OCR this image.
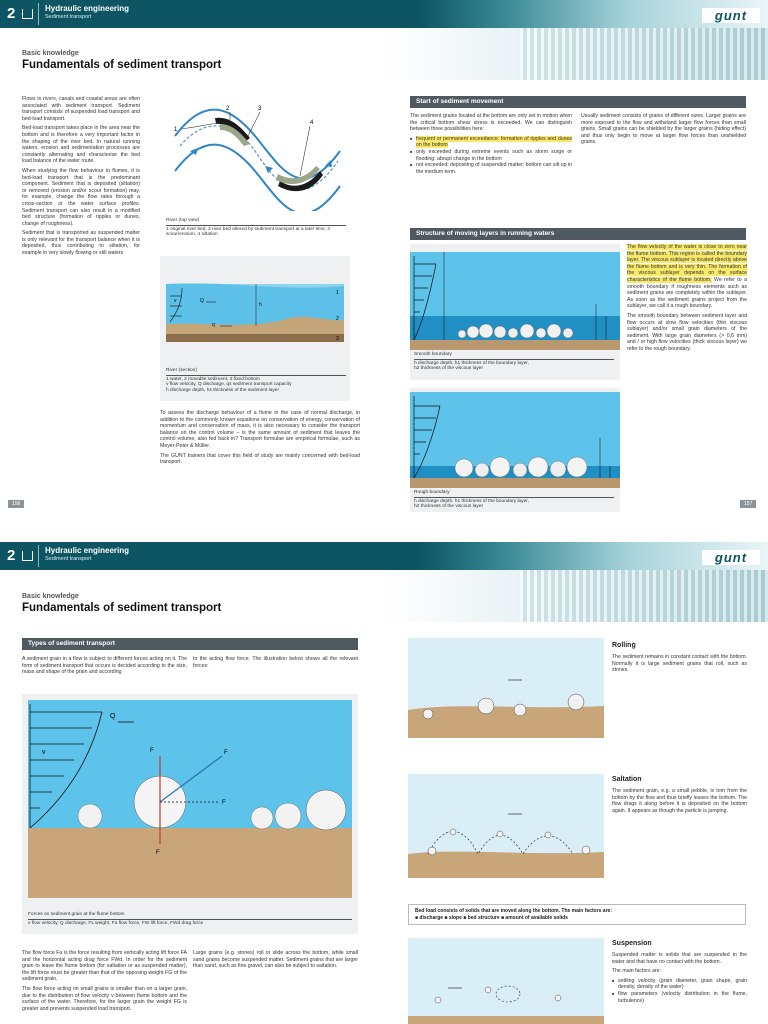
2	Hydraulic engineering
Sediment transport	gunt
Basic knowledge
Fundamentals of sediment transport

Flows in rivers, canals and coastal areas are often associated with sediment transport. Sediment transport consists of suspended load transport and bed-load transport.

Bed-load transport takes place in the area near the bottom and is therefore a very important factor in the shaping of the river bed. In natural running waters, erosion and sedimentation processes are constantly alternating and characterise the bed load balance of the water route.

When studying the flow behaviour in flumes, it is bed-load transport that is the predominant component. Sediment that is deposited (siltation) or removed (erosion and/or scour formation) may, for example, change the flow rates through a cross-section or the water surface profiles. Sediment transport can also result in a modified bed structure (formation of ripples or dunes, change of roughness).

Sediment that is transported as suspended matter is only relevant for the transport balance when it is deposited, thus contributing to siltation, for example in very slowly flowing or still waters

1
2	3
4
River (top view)
1 original river bed, 2 river bed altered by sediment transport at a later time, 3 scour/erosion, 4 siltation
v	Q
h
q
1
2
3
River (section)
1 water, 2 movable sediment, 3 fixed bottom
v flow velocity, Q discharge, qs sediment transport capacity
h discharge depth, hs thickness of the sediment layer

To assess the discharge behaviour of a flume in the case of normal discharge, in addition to the commonly known equations on conservation of energy, conservation of momentum and conservation of mass, it is also necessary to consider the transport balance on the control volume – is the same amount of sediment that leaves the control volume, also fed back in? Transport formulae are empirical formulae, such as Meyer-Peter & Müller.

The GUNT trainers that cover this field of study are mainly concerned with bed-load transport.

Start of sediment movement

The sediment grains located at the bottom are only set in motion when the critical bottom shear stress is exceeded. We can distinguish between three possibilities here:

■ frequent or permanent exceedance: formation of ripples and dunes on the bottom
■ only exceeded during extreme events such as storm surge or flooding: abrupt change in the bottom
■ not exceeded: depositing of suspended matter; bottom can silt up in the medium term.
Usually sediment consists of grains of different sizes. Larger grains are more exposed to the flow and withstand larger flow forces than small grains. Small grains can be shielded by the larger grains (hiding effect) and thus only begin to move at larger flow forces than unshielded grains.
Structure of moving layers in running waters
Smooth boundary
h discharge depth, h1 thickness of the boundary layer,
h2 thickness of the viscous layer
Rough boundary
h discharge depth, h1 thickness of the boundary layer,
h2 thickness of the viscous layer

The flow velocity of the water is close to zero near the flume bottom. This region is called the boundary layer. The viscous sublayer is located directly above the flume bottom and is very thin. The formation of the viscous sublayer depends on the surface characteristics of the flume bottom. We refer to a smooth boundary if roughness elements such as sediment grains are completely within the sublayer. As soon as the sediment grains project from the sublayer, we call it a rough boundary.

The smooth boundary between sediment layer and flow occurs at slow flow velocities (thin viscous sublayer) and/or small grain diameters of the sediment. With large grain diameters (> 0,6 mm) and / or high flow velocities (thick viscous layer) we refer to the rough boundary.

156	157
2	Hydraulic engineering
Sediment transport	gunt
Basic knowledge
Fundamentals of sediment transport
Types of sediment transport
A sediment grain in a flow is subject to different forces acting on it. The form of sediment transport that occurs is decided according to the size, mass and shape of the grain and according
to the acting flow force. The illustration below shows all the relevant forces:
v
Q
F	F
F
F
Forces on sediment grain at the flume bottom
v flow velocity, Q discharge, FL weight, Fa flow force, FW lift force, FWd drag force

The flow force Fa is the force resulting from vertically acting lift force FA and the horizontal acting drag force FWd. In order for the sediment grain to leave the flume bottom (for saltation or as suspended matter), the lift force must be greater than that of the opposing weight FG of the sediment grain.

The flow force acting on small grains is smaller than on a larger grain, due to the distribution of flow velocity v between flume bottom and the surface of the water. Therefore, for the larger grain the weight FG is greater and prevents suspended load transport.

Large grains (e.g. stones) roll or slide across the bottom, while small sand grains become suspended matter. Sediment grains that are larger than sand, such as fine gravel, can also be subject to saltation.
Rolling
The sediment remains in constant contact with the bottom. Normally it is large sediment grains that roll, such as stones.
Saltation
The sediment grain, e.g. a small pebble, is torn from the bottom by the flow and thus briefly leaves the bottom. The flow drags it along before it is deposited on the bottom again. It appears as though the particle is jumping.
Bed load consists of solids that are moved along the bottom. The main factors are:
■ discharge ■ slope ■ bed structure ■ amount of available solids
Suspension

Suspended matter is solids that are suspended in the water and that have no contact with the bottom.

The main factors are:

■ settling velocity (grain diameter, grain shape, grain density, density of the water)
■ flow parameters (velocity distribution in the flume, turbulence)
